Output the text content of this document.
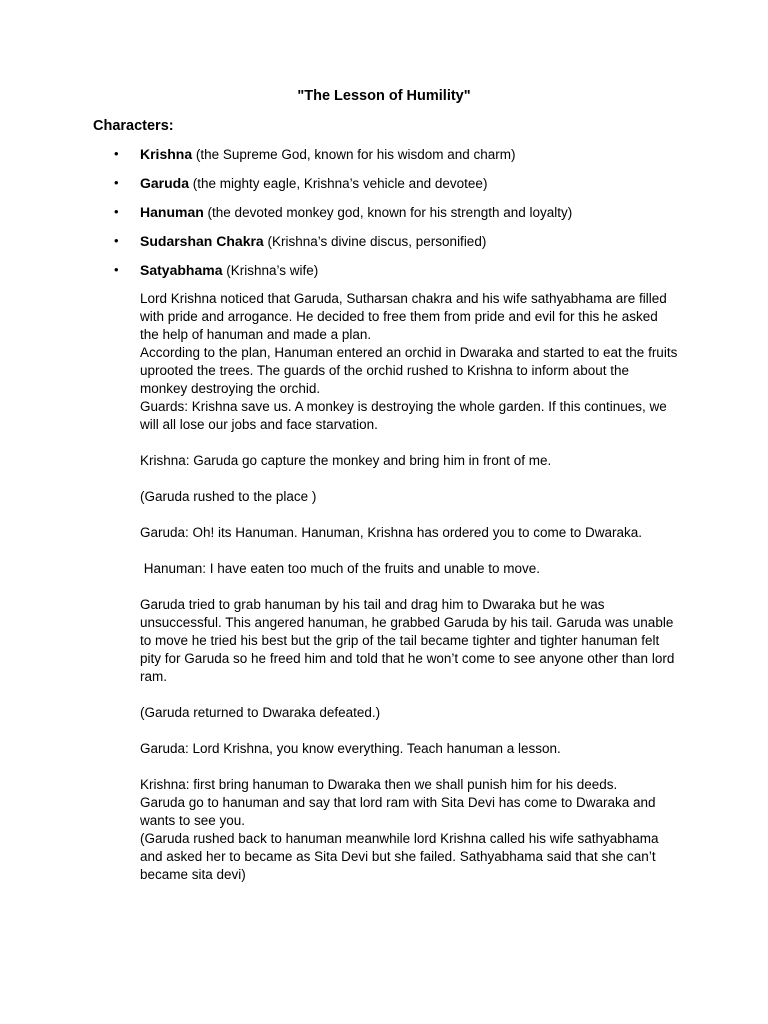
"The Lesson of Humility"
Characters:
• Krishna (the Supreme God, known for his wisdom and charm)
• Garuda (the mighty eagle, Krishna’s vehicle and devotee)
• Hanuman (the devoted monkey god, known for his strength and loyalty)
• Sudarshan Chakra (Krishna’s divine discus, personified)
• Satyabhama (Krishna’s wife)

Lord Krishna noticed that Garuda, Sutharsan chakra and his wife sathyabhama are filled with pride and arrogance. He decided to free them from pride and evil for this he asked the help of hanuman and made a plan.

According to the plan, Hanuman entered an orchid in Dwaraka and started to eat the fruits uprooted the trees. The guards of the orchid rushed to Krishna to inform about the monkey destroying the orchid.

Guards: Krishna save us. A monkey is destroying the whole garden. If this continues, we will all lose our jobs and face starvation.

Krishna: Garuda go capture the monkey and bring him in front of me.

(Garuda rushed to the place )

Garuda: Oh! its Hanuman. Hanuman, Krishna has ordered you to come to Dwaraka.

Hanuman: I have eaten too much of the fruits and unable to move.

Garuda tried to grab hanuman by his tail and drag him to Dwaraka but he was unsuccessful. This angered hanuman, he grabbed Garuda by his tail. Garuda was unable to move he tried his best but the grip of the tail became tighter and tighter hanuman felt pity for Garuda so he freed him and told that he won’t come to see anyone other than lord ram.

(Garuda returned to Dwaraka defeated.)

Garuda: Lord Krishna, you know everything. Teach hanuman a lesson.

Krishna: first bring hanuman to Dwaraka then we shall punish him for his deeds.

Garuda go to hanuman and say that lord ram with Sita Devi has come to Dwaraka and wants to see you.

(Garuda rushed back to hanuman meanwhile lord Krishna called his wife sathyabhama and asked her to became as Sita Devi but she failed. Sathyabhama said that she can’t became sita devi)
